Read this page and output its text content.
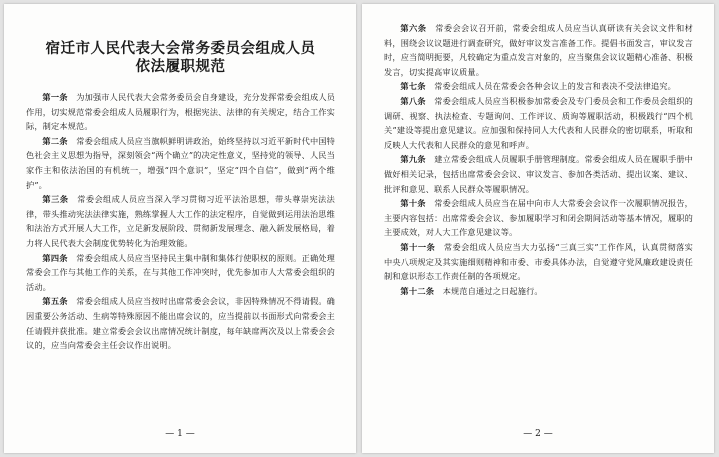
宿迁市人民代表大会常务委员会组成人员

依法履职规范

第一条　 为加强市人民代表大会常务委员会自身建设，充分发挥常委会组成人员作用，切实规范常委会组成人员履职行为，根据宪法、法律的有关规定，结合工作实际，制定本规范。

第二条　 常委会组成人员应当旗帜鲜明讲政治，始终坚持以习近平新时代中国特色社会主义思想为指导，深刻领会“两个确立”的决定性意义，坚持党的领导、人民当家作主和依法治国的有机统一，增强“四个意识”，坚定“四个自信”，做到“两个维护”。

第三条　 常委会组成人员应当深入学习贯彻习近平法治思想，带头尊崇宪法法律，带头推动宪法法律实施，熟练掌握人大工作的法定程序，自觉做到运用法治思维和法治方式开展人大工作，立足新发展阶段、贯彻新发展理念、融入新发展格局，着力将人民代表大会制度优势转化为治理效能。

第四条　 常委会组成人员应当坚持民主集中制和集体行使职权的原则。正确处理常委会工作与其他工作的关系，在与其他工作冲突时，优先参加市人大常委会组织的活动。

第五条　 常委会组成人员应当按时出席常委会会议，非因特殊情况不得请假。确因重要公务活动、生病等特殊原因不能出席会议的，应当提前以书面形式向常委会主任请假并获批准。建立常委会会议出席情况统计制度，每年缺席两次及以上常委会会议的，应当向常委会主任会议作出说明。

— 1 —

第六条　 常委会会议召开前，常委会组成人员应当认真研读有关会议文件和材料，围绕会议议题进行调查研究，做好审议发言准备工作。提倡书面发言，审议发言时，应当简明扼要，凡较确定为重点发言对象的，应当聚焦会议议题精心准备、积极发言，切实提高审议质量。

第七条　 常委会组成人员在常委会各种会议上的发言和表决不受法律追究。

第八条　 常委会组成人员应当积极参加常委会及专门委员会和工作委员会组织的调研、视察、执法检查、专题询问、工作评议、质询等履职活动，积极践行“四个机关”建设等提出意见建议。应加强和保持同人大代表和人民群众的密切联系，听取和反映人大代表和人民群众的意见和呼声。

第九条　 建立常委会组成人员履职手册管理制度。常委会组成人员在履职手册中做好相关记录，包括出席常委会会议、审议发言、参加各类活动、提出议案、建议、批评和意见、联系人民群众等履职情况。

第十条　 常委会组成人员应当在届中向市人大常委会会议作一次履职情况报告，主要内容包括：出席常委会会议、参加履职学习和闭会期间活动等基本情况，履职的主要成效，对人大工作意见建议等。

第十一条　 常委会组成人员应当大力弘扬“三真三实”工作作风，认真贯彻落实中央八项规定及其实施细则精神和市委、市委具体办法，自觉遵守党风廉政建设责任制和意识形态工作责任制的各项规定。

第十二条　 本规范自通过之日起施行。

— 2 —
